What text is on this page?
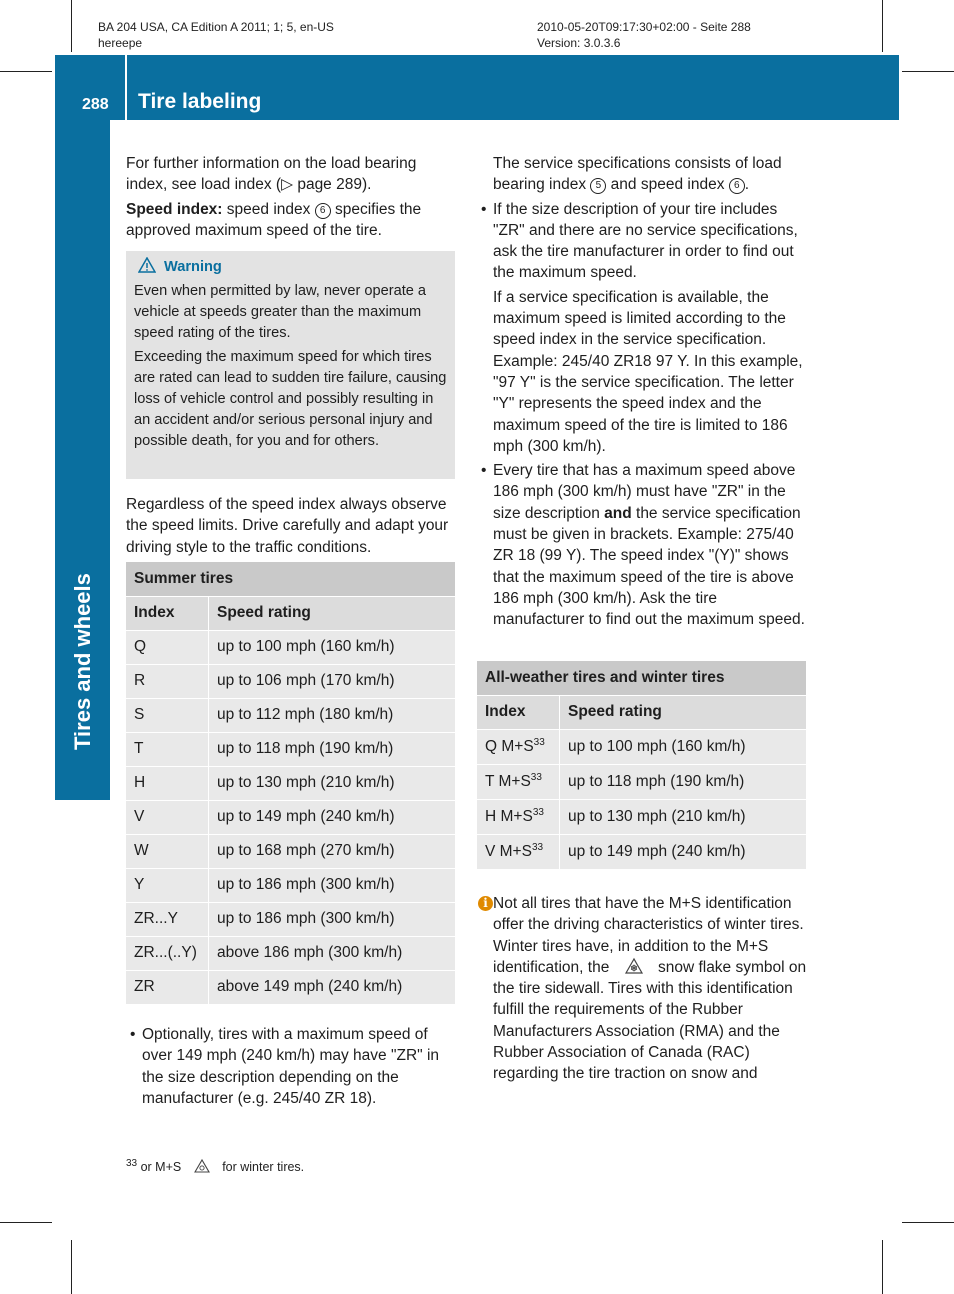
BA 204 USA, CA Edition A 2011; 1; 5, en-US
hereepe
2010-05-20T09:17:30+02:00 - Seite 288
Version: 3.0.3.6
288 Tire labeling
Tires and wheels

For further information on the load bearing index, see load index (▷ page 289).

Speed index: speed index 6 specifies the approved maximum speed of the tire.

Warning

Even when permitted by law, never operate a vehicle at speeds greater than the maximum speed rating of the tires.

Exceeding the maximum speed for which tires are rated can lead to sudden tire failure, causing loss of vehicle control and possibly resulting in an accident and/or serious personal injury and possible death, for you and for others.

Regardless of the speed index always observe the speed limits. Drive carefully and adapt your driving style to the traffic conditions.

Summer tires	
Index	Speed rating
Q	up to 100 mph (160 km/h)
R	up to 106 mph (170 km/h)
S	up to 112 mph (180 km/h)
T	up to 118 mph (190 km/h)
H	up to 130 mph (210 km/h)
V	up to 149 mph (240 km/h)
W	up to 168 mph (270 km/h)
Y	up to 186 mph (300 km/h)
ZR...Y	up to 186 mph (300 km/h)
ZR...(..Y)	above 186 mph (300 km/h)
ZR	above 149 mph (240 km/h)

• Optionally, tires with a maximum speed of over 149 mph (240 km/h) may have "ZR" in the size description depending on the manufacturer (e.g. 245/40 ZR 18).

The service specifications consists of load bearing index 5 and speed index 6 .

• If the size description of your tire includes "ZR" and there are no service specifications, ask the tire manufacturer in order to find out the maximum speed.

If a service specification is available, the maximum speed is limited according to the speed index in the service specification. Example: 245/40 ZR18 97 Y. In this example, "97 Y" is the service specification. The letter "Y" represents the speed index and the maximum speed of the tire is limited to 186 mph (300 km/h).

• Every tire that has a maximum speed above 186 mph (300 km/h) must have "ZR" in the size description and the service specification must be given in brackets. Example: 275/40 ZR 18 (99 Y). The speed index "(Y)" shows that the maximum speed of the tire is above 186 mph (300 km/h). Ask the tire manufacturer to find out the maximum speed.

All-weather tires and winter tires	
Index	Speed rating
Q $M+S^{33}$	up to 100 mph (160 km/h)
T $M+S^{33}$	up to 118 mph (190 km/h)
H $M+S^{33}$	up to 130 mph (210 km/h)
V $M+S^{33}$	up to 149 mph (240 km/h)

i Not all tires that have the M+S identification offer the driving characteristics of winter tires. Winter tires have, in addition to the M+S identification, the	snow flake symbol on the tire sidewall. Tires with this identification fulfill the requirements of the Rubber Manufacturers Association (RMA) and the Rubber Association of Canada (RAC) regarding the tire traction on snow and

$^{33}$ or M+S	for winter tires.
